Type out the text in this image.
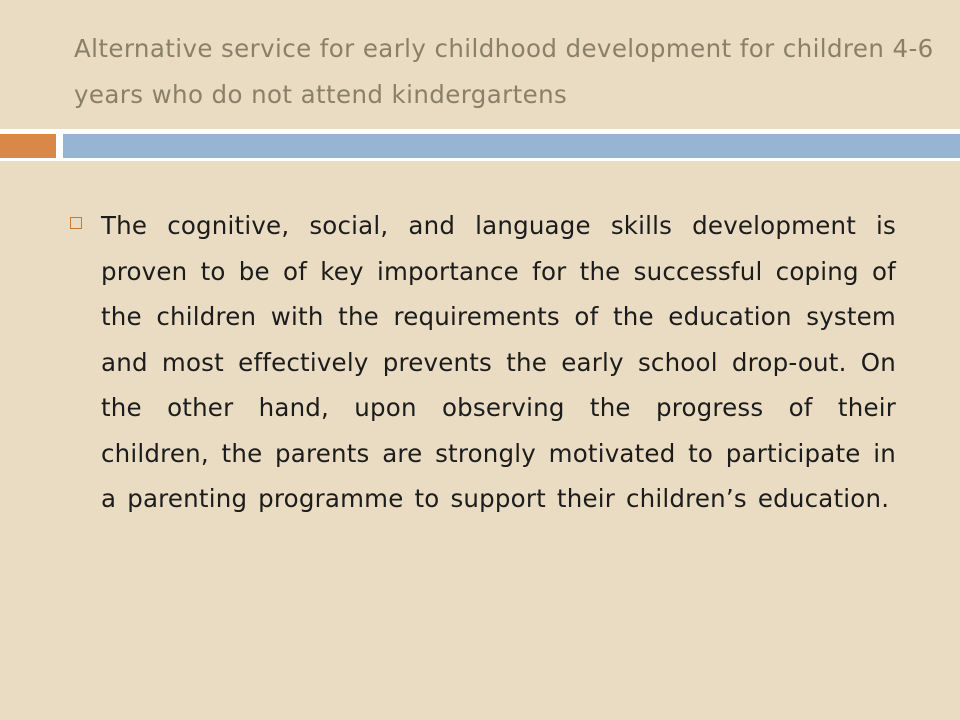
Alternative service for early childhood development for children 4-6 years who do not attend kindergartens
The cognitive, social, and language skills development is proven to be of key importance for the successful coping of the children with the requirements of the education system and most effectively prevents the early school drop-out. On the other hand, upon observing the progress of their children, the parents are strongly motivated to participate in a parenting programme to support their children’s education.
